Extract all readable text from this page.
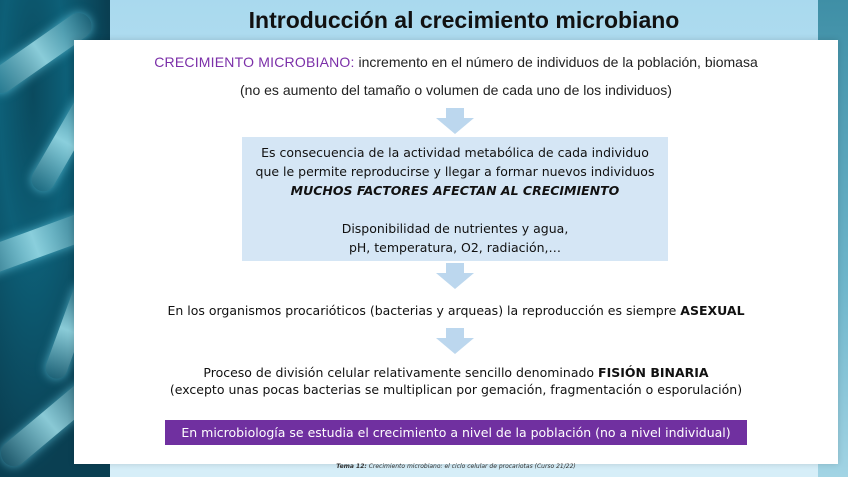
Introducción al crecimiento microbiano
CRECIMIENTO MICROBIANO: incremento en el número de individuos de la población, biomasa
(no es aumento del tamaño o volumen de cada uno de los individuos)
Es consecuencia de la actividad metabólica de cada individuo
que le permite reproducirse y llegar a formar nuevos individuos
MUCHOS FACTORES AFECTAN AL CRECIMIENTO
Disponibilidad de nutrientes y agua,
pH, temperatura, O2, radiación,…
En los organismos procarióticos (bacterias y arqueas) la reproducción es siempre ASEXUAL
Proceso de división celular relativamente sencillo denominado FISIÓN BINARIA
(excepto unas pocas bacterias se multiplican por gemación, fragmentación o esporulación)
En microbiología se estudia el crecimiento a nivel de la población (no a nivel individual)
Tema 12: Crecimiento microbiano: el ciclo celular de procariotas (Curso 21/22)
